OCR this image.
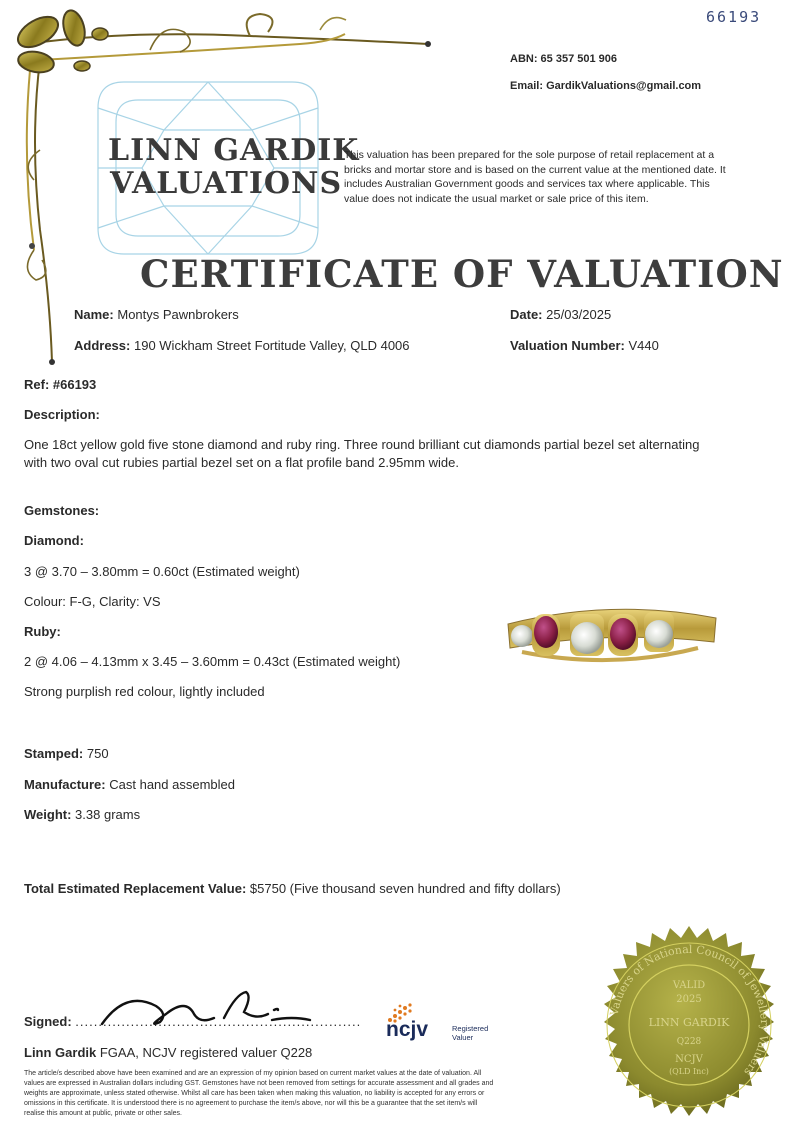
66193
LINN GARDIK
VALUATIONS
ABN: 65 357 501 906
Email: GardikValuations@gmail.com
This valuation has been prepared for the sole purpose of retail replacement at a
bricks and mortar store and is based on the current value at the mentioned date. It
includes Australian Government goods and services tax where applicable. This
value does not indicate the usual market or sale price of this item.
CERTIFICATE OF VALUATION
Name: Montys Pawnbrokers	Date: 25/03/2025
Address: 190 Wickham Street Fortitude Valley, QLD 4006	Valuation Number: V440
Ref: #66193
Description:
One 18ct yellow gold five stone diamond and ruby ring. Three round brilliant cut diamonds partial bezel set alternating
with two oval cut rubies partial bezel set on a flat profile band 2.95mm wide.
Gemstones:
Diamond:
3 @ 3.70 – 3.80mm = 0.60ct (Estimated weight)
Colour: F-G, Clarity: VS
Ruby:
2 @ 4.06 – 4.13mm x 3.45 – 3.60mm = 0.43ct (Estimated weight)
Strong purplish red colour, lightly included
Stamped: 750
Manufacture: Cast hand assembled
Weight: 3.38 grams
Total Estimated Replacement Value: $5750 (Five thousand seven hundred and fifty dollars)
Signed: ..............................................................
Linn Gardik FGAA, NCJV registered valuer Q228
ncjv	Registered
Valuer
Valuers of National Council of Jewellery Valuers
VALID
2025
LINN GARDIK
Q228
NCJV
(QLD Inc)
The article/s described above have been examined and are an expression of my opinion based on current market values at the date of valuation. All
values are expressed in Australian dollars including GST. Gemstones have not been removed from settings for accurate assessment and all grades and
weights are approximate, unless stated otherwise. Whilst all care has been taken when making this valuation, no liability is accepted for any errors or
omissions in this certificate. It is understood there is no agreement to purchase the item/s above, nor will this be a guarantee that the set item/s will
realise this amount at public, private or other sales.
